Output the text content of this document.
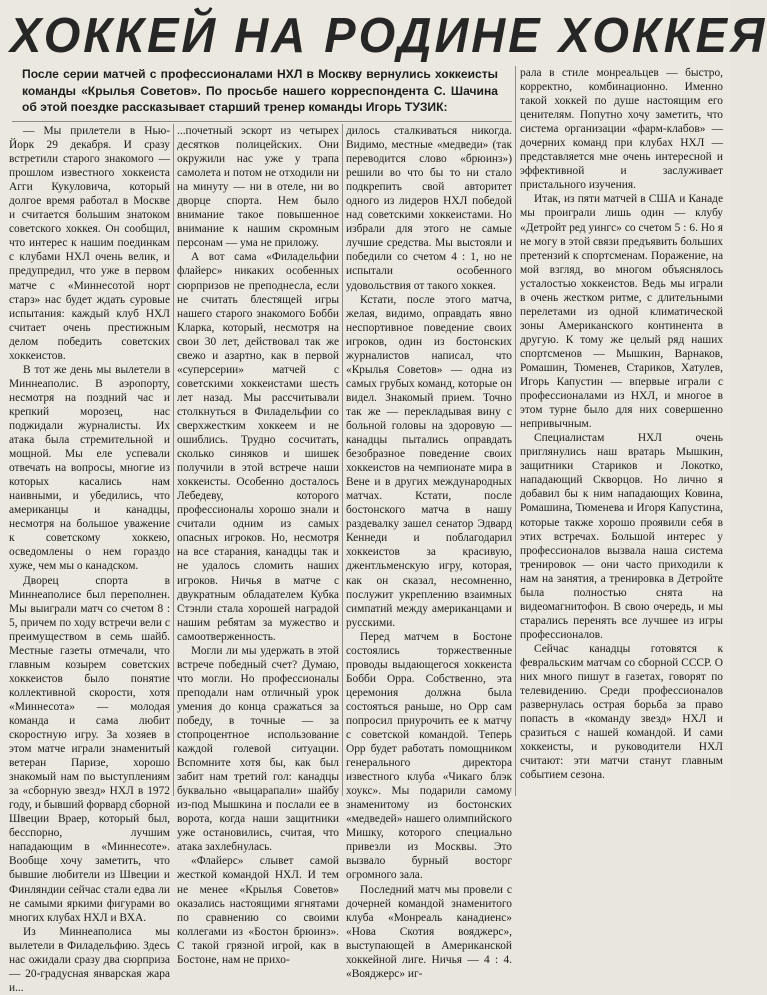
ХОККЕЙ НА РОДИНЕ ХОККЕЯ
После серии матчей с профессионалами НХЛ в Москву вернулись хоккеисты команды «Крылья Советов». По просьбе нашего корреспондента С. Шачина об этой поездке рассказывает старший тренер команды Игорь ТУЗИК:

— Мы прилетели в Нью-Йорк 29 декабря. И сразу встретили старого знакомого — прошлом известного хоккеиста Агги Кукуловича, который долгое время работал в Москве и считается большим знатоком советского хоккея. Он сообщил, что интерес к нашим поединкам с клубами НХЛ очень велик, и предупредил, что уже в первом матче с «Миннесотой норт старз» нас будет ждать суровые испытания: каждый клуб НХЛ считает очень престижным делом победить советских хоккеистов.

В тот же день мы вылетели в Миннеаполис. В аэропорту, несмотря на поздний час и крепкий морозец, нас поджидали журналисты. Их атака была стремительной и мощной. Мы еле успевали отвечать на вопросы, многие из которых касались нам наивными, и убедились, что американцы и канадцы, несмотря на большое уважение к советскому хоккею, осведомлены о нем гораздо хуже, чем мы о канадском.

Дворец спорта в Миннеаполисе был переполнен. Мы выиграли матч со счетом 8 : 5, причем по ходу встречи вели с преимуществом в семь шайб. Местные газеты отмечали, что главным козырем советских хоккеистов было понятие коллективной скорости, хотя «Миннесота» — молодая команда и сама любит скоростную игру. За хозяев в этом матче играли знаменитый ветеран Паризе, хорошо знакомый нам по выступлениям за «сборную звезд» НХЛ в 1972 году, и бывший форвард сборной Швеции Враер, который был, бесспорно, лучшим нападающим в «Миннесоте». Вообще хочу заметить, что бывшие любители из Швеции и Финляндии сейчас стали едва ли не самыми яркими фигурами во многих клубах НХЛ и ВХА.

Из Миннеаполиса мы вылетели в Филадельфию. Здесь нас ожидали сразу два сюрприза — 20-градусная январская жара и...

...почетный эскорт из четырех десятков полицейских. Они окружили нас уже у трапа самолета и потом не отходили ни на минуту — ни в отеле, ни во дворце спорта. Нем было внимание такое повышенное внимание к нашим скромным персонам — ума не приложу.

А вот сама «Филадельфии флайерс» никаких особенных сюрпризов не преподнесла, если не считать блестящей игры нашего старого знакомого Бобби Кларка, который, несмотря на свои 30 лет, действовал так же свежо и азартно, как в первой «суперсерии» матчей с советскими хоккеистами шесть лет назад. Мы рассчитывали столкнуться в Филадельфии со сверхжестким хоккеем и не ошиблись. Трудно сосчитать, сколько синяков и шишек получили в этой встрече наши хоккеисты. Особенно досталось Лебедеву, которого профессионалы хорошо знали и считали одним из самых опасных игроков. Но, несмотря на все старания, канадцы так и не удалось сломить наших игроков. Ничья в матче с двукратным обладателем Кубка Стэнли стала хорошей наградой нашим ребятам за мужество и самоотверженность.

Могли ли мы удержать в этой встрече победный счет? Думаю, что могли. Но профессионалы преподали нам отличный урок умения до конца сражаться за победу, в точные — за стопроцентное использование каждой голевой ситуации. Вспомните хотя бы, как был забит нам третий гол: канадцы буквально «выцарапали» шайбу из-под Мышкина и послали ее в ворота, когда наши защитники уже остановились, считая, что атака захлебнулась.

«Флайерс» слывет самой жесткой командой НХЛ. И тем не менее «Крылья Советов» оказались настоящими ягнятами по сравнению со своими коллегами из «Бостон брюинз». С такой грязной игрой, как в Бостоне, нам не прихо-

дилось сталкиваться никогда. Видимо, местные «медведи» (так переводится слово «брюинз») решили во что бы то ни стало подкрепить свой авторитет одного из лидеров НХЛ победой над советскими хоккеистами. Но избрали для этого не самые лучшие средства. Мы выстояли и победили со счетом 4 : 1, но не испытали особенного удовольствия от такого хоккея.

Кстати, после этого матча, желая, видимо, оправдать явно неспортивное поведение своих игроков, один из бостонских журналистов написал, что «Крылья Советов» — одна из самых грубых команд, которые он видел. Знакомый прием. Точно так же — перекладывая вину с больной головы на здоровую — канадцы пытались оправдать безобразное поведение своих хоккеистов на чемпионате мира в Вене и в других международных матчах. Кстати, после бостонского матча в нашу раздевалку зашел сенатор Эдвард Кеннеди и поблагодарил хоккеистов за красивую, джентльменскую игру, которая, как он сказал, несомненно, послужит укреплению взаимных симпатий между американцами и русскими.

Перед матчем в Бостоне состоялись торжественные проводы выдающегося хоккеиста Бобби Орра. Собственно, эта церемония должна была состояться раньше, но Орр сам попросил приурочить ее к матчу с советской командой. Теперь Орр будет работать помощником генерального директора известного клуба «Чикаго блэк хоукс». Мы подарили самому знаменитому из бостонских «медведей» нашего олимпийского Мишку, которого специально привезли из Москвы. Это вызвало бурный восторг огромного зала.

Последний матч мы провели с дочерней командой знаменитого клуба «Монреаль канадиенс» «Нова Скотия вояджерс», выступающей в Американской хоккейной лиге. Ничья — 4 : 4. «Вояджерс» иг-

рала в стиле монреальцев — быстро, корректно, комбинационно. Именно такой хоккей по душе настоящим его ценителям. Попутно хочу заметить, что система организации «фарм-клабов» — дочерних команд при клубах НХЛ — представляется мне очень интересной и эффективной и заслуживает пристального изучения.

Итак, из пяти матчей в США и Канаде мы проиграли лишь один — клубу «Детройт ред уингс» со счетом 5 : 6. Но я не могу в этой связи предъявить больших претензий к спортсменам. Поражение, на мой взгляд, во многом объяснялось усталостью хоккеистов. Ведь мы играли в очень жестком ритме, с длительными перелетами из одной климатической зоны Американского континента в другую. К тому же целый ряд наших спортсменов — Мышкин, Варнаков, Ромашин, Тюменев, Стариков, Хатулев, Игорь Капустин — впервые играли с профессионалами из НХЛ, и многое в этом турне было для них совершенно непривычным.

Специалистам НХЛ очень приглянулись наш вратарь Мышкин, защитники Стариков и Локотко, нападающий Скворцов. Но лично я добавил бы к ним нападающих Ковина, Ромашина, Тюменева и Игоря Капустина, которые также хорошо проявили себя в этих встречах. Большой интерес у профессионалов вызвала наша система тренировок — они часто приходили к нам на занятия, а тренировка в Детройте была полностью снята на видеомагнитофон. В свою очередь, и мы старались перенять все лучшее из игры профессионалов.

Сейчас канадцы готовятся к февральским матчам со сборной СССР. О них много пишут в газетах, говорят по телевидению. Среди профессионалов развернулась острая борьба за право попасть в «команду звезд» НХЛ и сразиться с нашей командой. И сами хоккеисты, и руководители НХЛ считают: эти матчи станут главным событием сезона.
